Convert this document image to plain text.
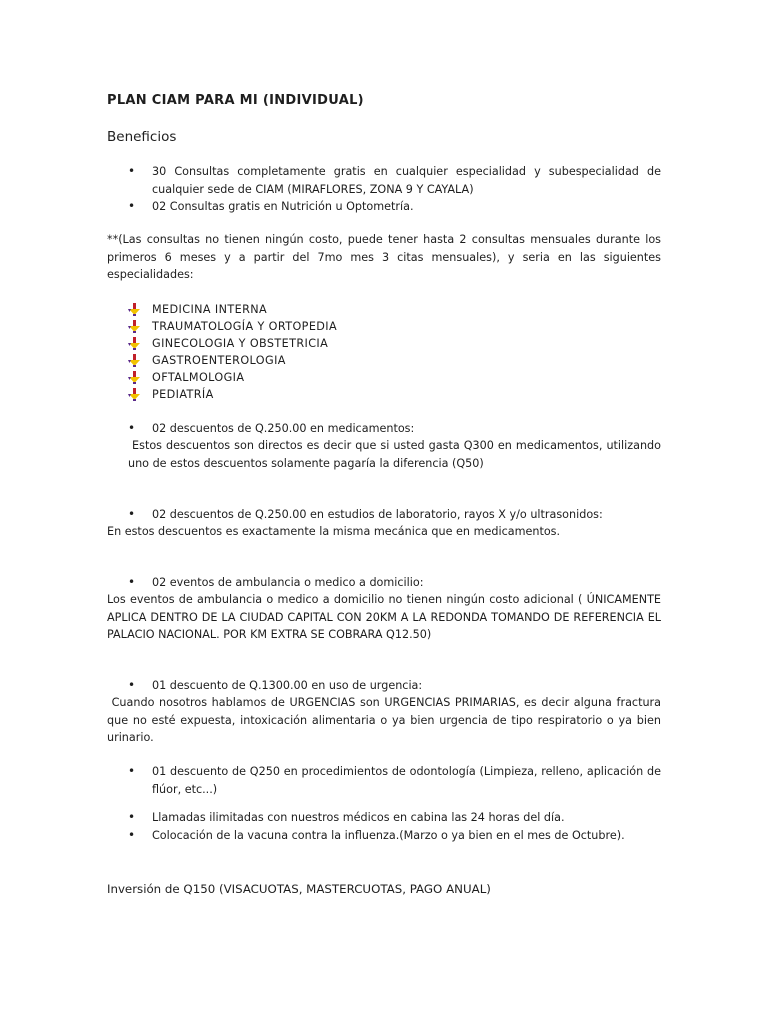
PLAN CIAM PARA MI (INDIVIDUAL)
Beneficios
• 30 Consultas completamente gratis en cualquier especialidad y subespecialidad de cualquier sede de CIAM (MIRAFLORES, ZONA 9 Y CAYALA)
• 02 Consultas gratis en Nutrición u Optometría.
**(Las consultas no tienen ningún costo, puede tener hasta 2 consultas mensuales durante los primeros 6 meses y a partir del 7mo mes 3 citas mensuales), y seria en las siguientes especialidades:
MEDICINA INTERNA
TRAUMATOLOGÍA Y ORTOPEDIA
GINECOLOGIA Y OBSTETRICIA
GASTROENTEROLOGIA
OFTALMOLOGIA
PEDIATRÍA
• 02 descuentos de Q.250.00 en medicamentos:
Estos descuentos son directos es decir que si usted gasta Q300 en medicamentos, utilizando uno de estos descuentos solamente pagaría la diferencia (Q50)
• 02 descuentos de Q.250.00 en estudios de laboratorio, rayos X y/o ultrasonidos:
En estos descuentos es exactamente la misma mecánica que en medicamentos.
• 02 eventos de ambulancia o medico a domicilio:
Los eventos de ambulancia o medico a domicilio no tienen ningún costo adicional ( ÚNICAMENTE APLICA DENTRO DE LA CIUDAD CAPITAL CON 20KM A LA REDONDA TOMANDO DE REFERENCIA EL PALACIO NACIONAL. POR KM EXTRA SE COBRARA Q12.50)
• 01 descuento de Q.1300.00 en uso de urgencia:
Cuando nosotros hablamos de URGENCIAS son URGENCIAS PRIMARIAS, es decir alguna fractura que no esté expuesta, intoxicación alimentaria o ya bien urgencia de tipo respiratorio o ya bien urinario.
• 01 descuento de Q250 en procedimientos de odontología (Limpieza, relleno, aplicación de flúor, etc...)
• Llamadas ilimitadas con nuestros médicos en cabina las 24 horas del día.
• Colocación de la vacuna contra la influenza.(Marzo o ya bien en el mes de Octubre).
Inversión de Q150 (VISACUOTAS, MASTERCUOTAS, PAGO ANUAL)
